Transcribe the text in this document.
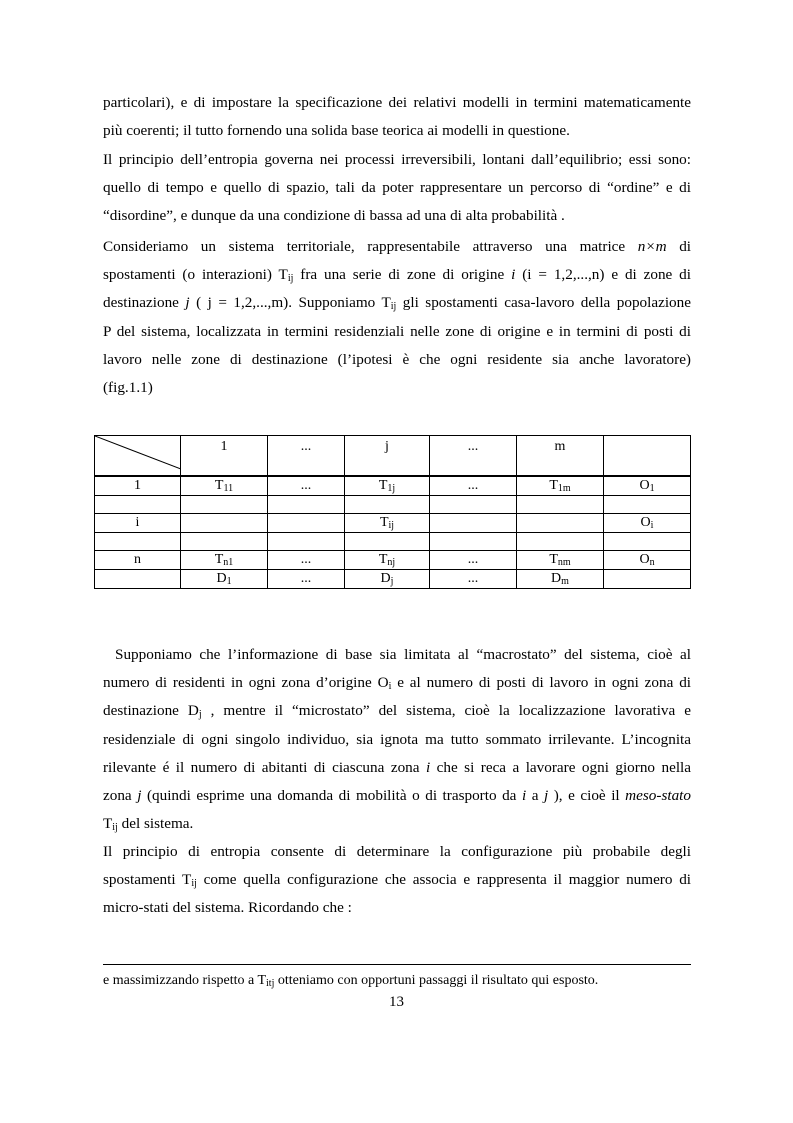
particolari), e di impostare la specificazione dei relativi modelli in termini matematicamente
più coerenti; il tutto fornendo una solida base teorica ai modelli in questione.

Il principio dell’entropia governa nei processi irreversibili, lontani dall’equilibrio; essi sono:
quello di tempo e quello di spazio, tali da poter rappresentare un percorso di “ordine” e di
“disordine”, e dunque da una condizione di bassa ad una di alta probabilità .

Consideriamo un sistema territoriale, rappresentabile attraverso una matrice n×m di
spostamenti (o interazioni) $T_{ij}$ fra una serie di zone di origine i (i = 1,2,...,n) e di zone di
destinazione j ( j = 1,2,...,m). Supponiamo $T_{ij}$ gli spostamenti casa-lavoro della popolazione
P del sistema, localizzata in termini residenziali nelle zone di origine e in termini di posti di
lavoro nelle zone di destinazione (l’ipotesi è che ogni residente sia anche lavoratore)
(fig.1.1)

	1	...	j	...	m	
1	$T_{11}$	...	$T_{1j}$	...	$T_{1m}$	$O_1$

i			$T_{ij}$			$O_i$

n	$T_{n1}$	...	$T_{nj}$	...	$T_{nm}$	$O_n$
	$D_1$	...	$D_j$	...	$D_m$	

Supponiamo che l’informazione di base sia limitata al “macrostato” del sistema, cioè al
numero di residenti in ogni zona d’origine $O_i$ e al numero di posti di lavoro in ogni zona di
destinazione $D_j$ , mentre il “microstato” del sistema, cioè la localizzazione lavorativa e
residenziale di ogni singolo individuo, sia ignota ma tutto sommato irrilevante. L’incognita
rilevante é il numero di abitanti di ciascuna zona i che si reca a lavorare ogni giorno nella
zona j (quindi esprime una domanda di mobilità o di trasporto da i a j ), e cioè il meso-stato
$T_{ij}$ del sistema.

Il principio di entropia consente di determinare la configurazione più probabile degli
spostamenti $T_{ij}$ come quella configurazione che associa e rappresenta il maggior numero di
micro-stati del sistema. Ricordando che :

e massimizzando rispetto a $T_{itj}$ otteniamo con opportuni passaggi il risultato qui esposto.
13
